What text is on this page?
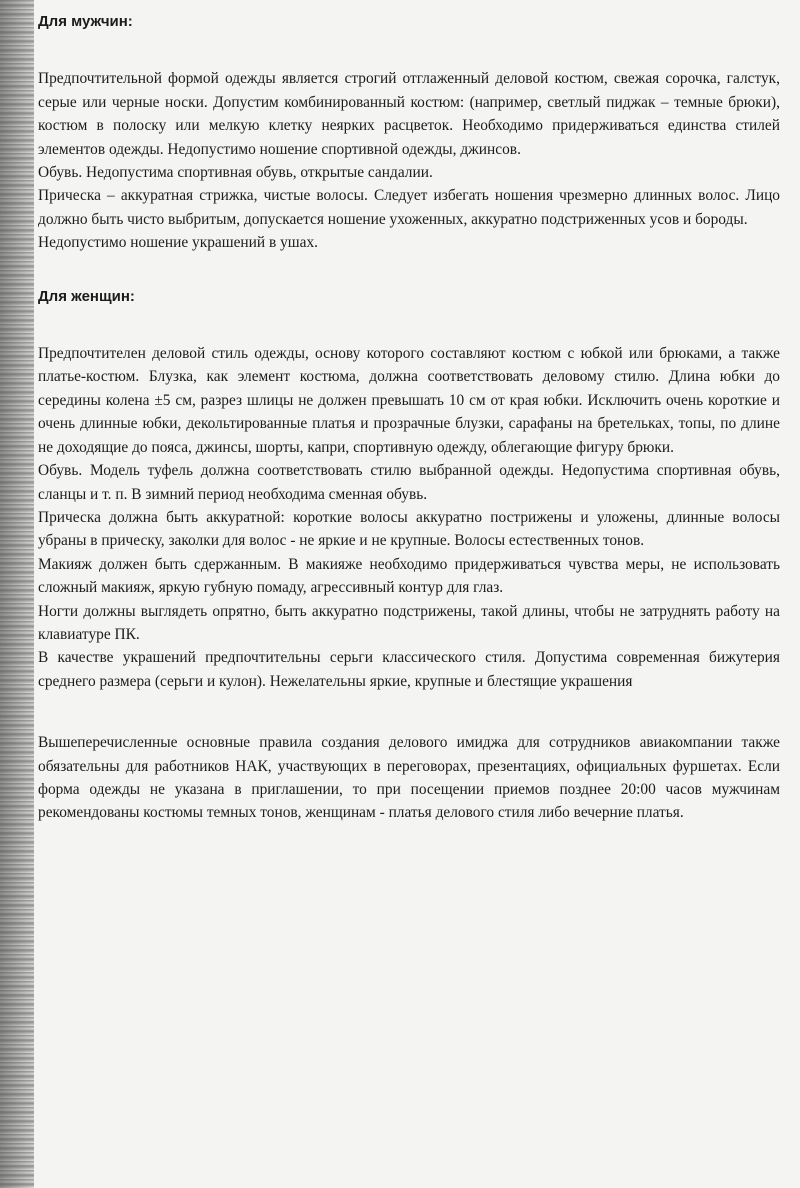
Для мужчин:

Предпочтительной формой одежды является строгий отглаженный деловой костюм, свежая сорочка, галстук, серые или черные носки. Допустим комбинированный костюм: (например, светлый пиджак – темные брюки), костюм в полоску или мелкую клетку неярких расцветок. Необходимо придерживаться единства стилей элементов одежды. Недопустимо ношение спортивной одежды, джинсов.

Обувь. Недопустима спортивная обувь, открытые сандалии.

Прическа – аккуратная стрижка, чистые волосы. Следует избегать ношения чрезмерно длинных волос. Лицо должно быть чисто выбритым, допускается ношение ухоженных, аккуратно подстриженных усов и бороды.

Недопустимо ношение украшений в ушах.

Для женщин:

Предпочтителен деловой стиль одежды, основу которого составляют костюм с юбкой или брюками, а также платье-костюм. Блузка, как элемент костюма, должна соответствовать деловому стилю. Длина юбки до середины колена ±5 см, разрез шлицы не должен превышать 10 см от края юбки. Исключить очень короткие и очень длинные юбки, декольтированные платья и прозрачные блузки, сарафаны на бретельках, топы, по длине не доходящие до пояса, джинсы, шорты, капри, спортивную одежду, облегающие фигуру брюки.

Обувь. Модель туфель должна соответствовать стилю выбранной одежды. Недопустима спортивная обувь, сланцы и т. п. В зимний период необходима сменная обувь.

Прическа должна быть аккуратной: короткие волосы аккуратно пострижены и уложены, длинные волосы убраны в прическу, заколки для волос - не яркие и не крупные. Волосы естественных тонов.

Макияж должен быть сдержанным. В макияже необходимо придерживаться чувства меры, не использовать сложный макияж, яркую губную помаду, агрессивный контур для глаз.

Ногти должны выглядеть опрятно, быть аккуратно подстрижены, такой длины, чтобы не затруднять работу на клавиатуре ПК.

В качестве украшений предпочтительны серьги классического стиля. Допустима современная бижутерия среднего размера (серьги и кулон). Нежелательны яркие, крупные и блестящие украшения

Вышеперечисленные основные правила создания делового имиджа для сотрудников авиакомпании также обязательны для работников НАК, участвующих в переговорах, презентациях, официальных фуршетах. Если форма одежды не указана в приглашении, то при посещении приемов позднее 20:00 часов мужчинам рекомендованы костюмы темных тонов, женщинам - платья делового стиля либо вечерние платья.
